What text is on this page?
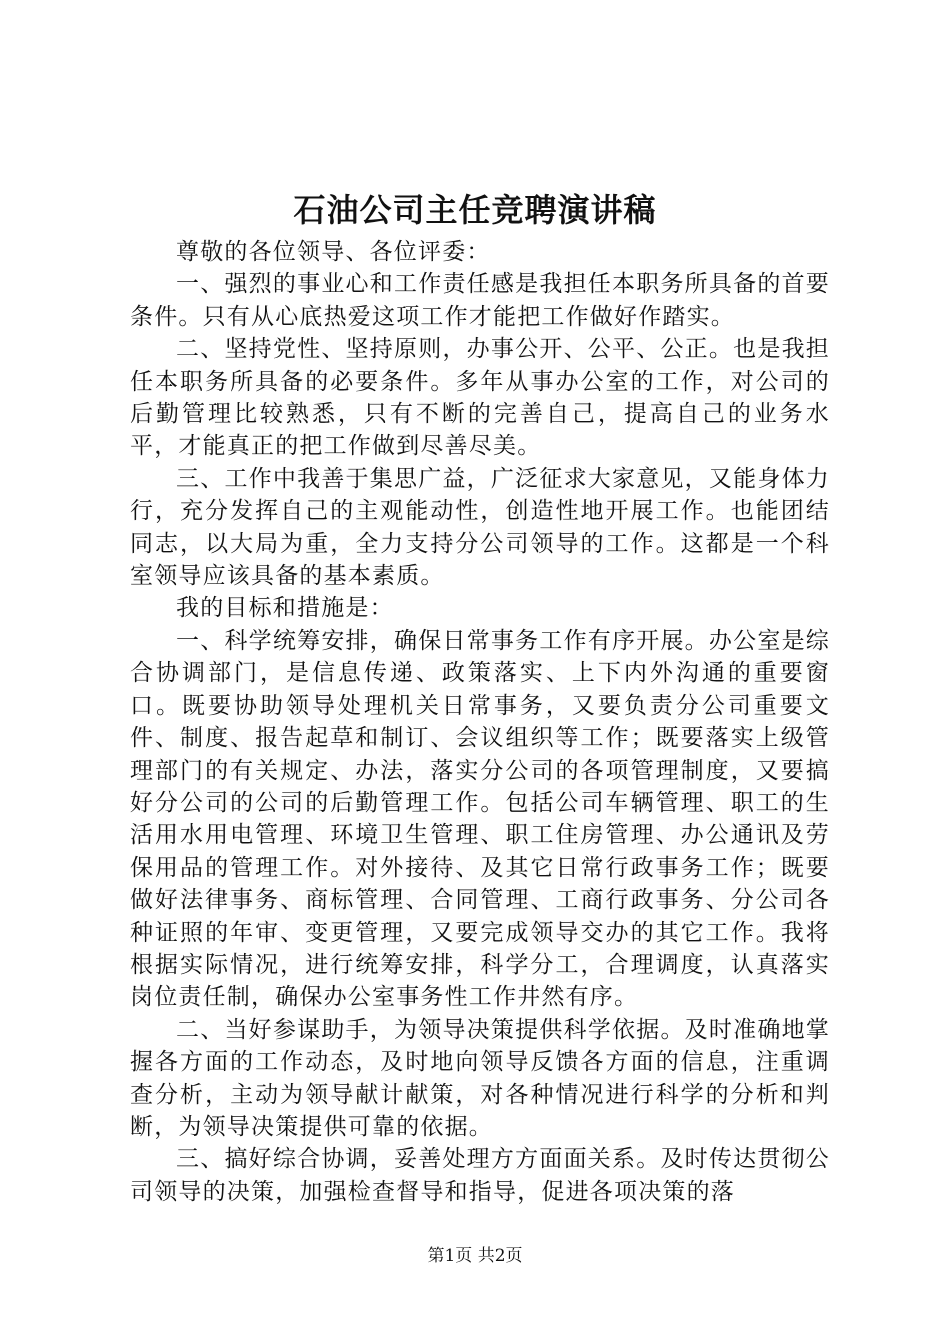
石油公司主任竞聘演讲稿

尊敬的各位领导、各位评委：

一、强烈的事业心和工作责任感是我担任本职务所具备的首要条件。只有从心底热爱这项工作才能把工作做好作踏实。

二、坚持党性、坚持原则，办事公开、公平、公正。也是我担任本职务所具备的必要条件。多年从事办公室的工作，对公司的后勤管理比较熟悉，只有不断的完善自己，提高自己的业务水平，才能真正的把工作做到尽善尽美。

三、工作中我善于集思广益，广泛征求大家意见，又能身体力行，充分发挥自己的主观能动性，创造性地开展工作。也能团结同志，以大局为重，全力支持分公司领导的工作。这都是一个科室领导应该具备的基本素质。

我的目标和措施是：

一、科学统筹安排，确保日常事务工作有序开展。办公室是综合协调部门，是信息传递、政策落实、上下内外沟通的重要窗口。既要协助领导处理机关日常事务，又要负责分公司重要文件、制度、报告起草和制订、会议组织等工作；既要落实上级管理部门的有关规定、办法，落实分公司的各项管理制度，又要搞好分公司的公司的后勤管理工作。包括公司车辆管理、职工的生活用水用电管理、环境卫生管理、职工住房管理、办公通讯及劳保用品的管理工作。对外接待、及其它日常行政事务工作；既要做好法律事务、商标管理、合同管理、工商行政事务、分公司各种证照的年审、变更管理，又要完成领导交办的其它工作。我将根据实际情况，进行统筹安排，科学分工，合理调度，认真落实岗位责任制，确保办公室事务性工作井然有序。

二、当好参谋助手，为领导决策提供科学依据。及时准确地掌握各方面的工作动态，及时地向领导反馈各方面的信息，注重调查分析，主动为领导献计献策，对各种情况进行科学的分析和判断，为领导决策提供可靠的依据。

三、搞好综合协调，妥善处理方方面面关系。及时传达贯彻公司领导的决策，加强检查督导和指导，促进各项决策的落

第1页 共2页
